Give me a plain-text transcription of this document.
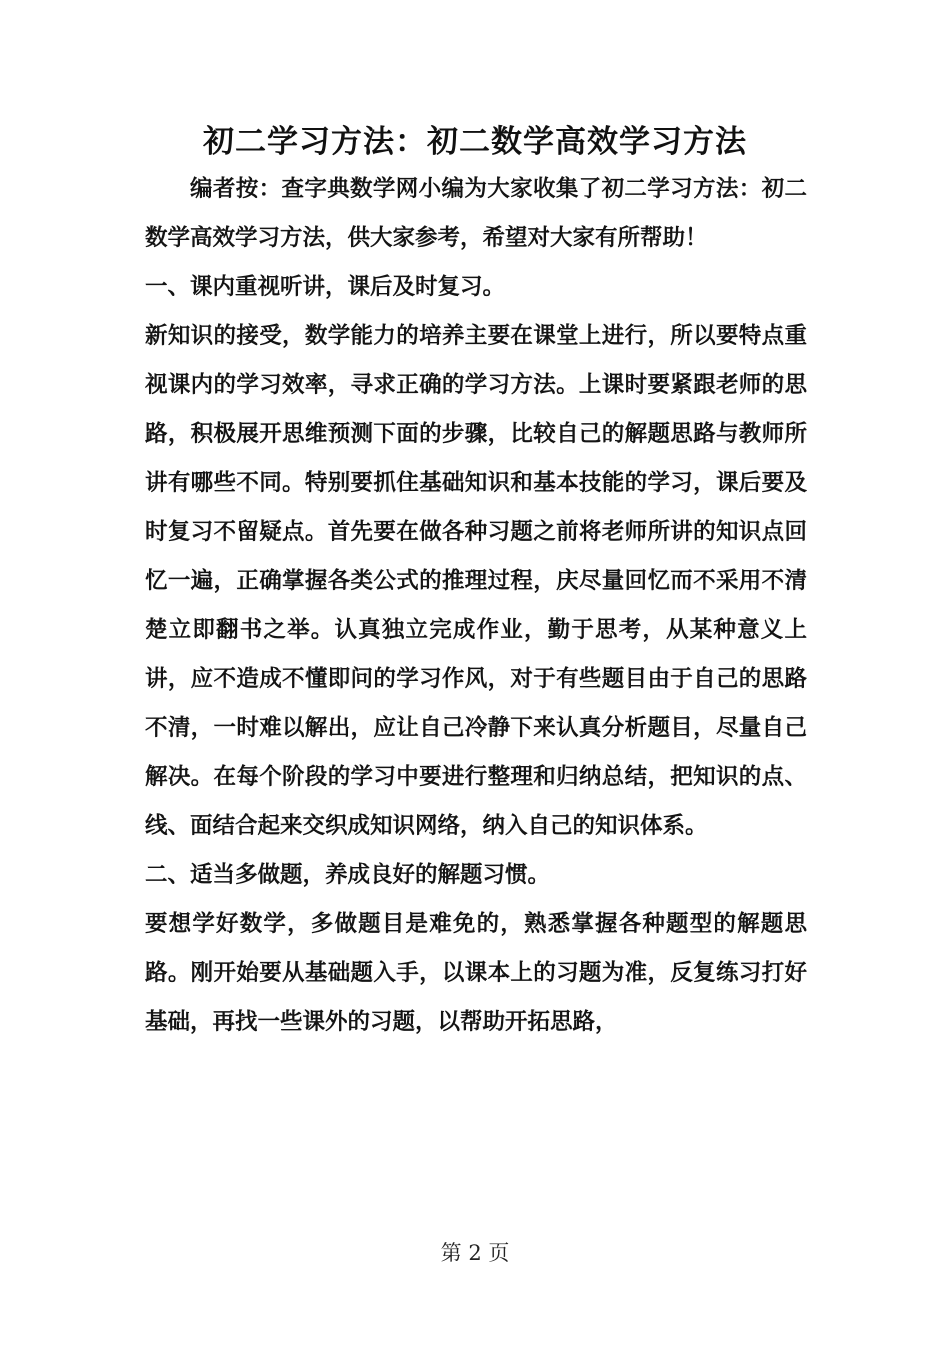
初二学习方法：初二数学高效学习方法

编者按：查字典数学网小编为大家收集了初二学习方法：初二数学高效学习方法，供大家参考，希望对大家有所帮助！

一、课内重视听讲，课后及时复习。

新知识的接受，数学能力的培养主要在课堂上进行，所以要特点重视课内的学习效率，寻求正确的学习方法。上课时要紧跟老师的思路，积极展开思维预测下面的步骤，比较自己的解题思路与教师所讲有哪些不同。特别要抓住基础知识和基本技能的学习，课后要及时复习不留疑点。首先要在做各种习题之前将老师所讲的知识点回忆一遍，正确掌握各类公式的推理过程，庆尽量回忆而不采用不清楚立即翻书之举。认真独立完成作业，勤于思考，从某种意义上讲，应不造成不懂即问的学习作风，对于有些题目由于自己的思路不清，一时难以解出，应让自己冷静下来认真分析题目，尽量自己解决。在每个阶段的学习中要进行整理和归纳总结，把知识的点、线、面结合起来交织成知识网络，纳入自己的知识体系。

二、适当多做题，养成良好的解题习惯。

要想学好数学，多做题目是难免的，熟悉掌握各种题型的解题思路。刚开始要从基础题入手，以课本上的习题为准，反复练习打好基础，再找一些课外的习题，以帮助开拓思路，

第 2 页
